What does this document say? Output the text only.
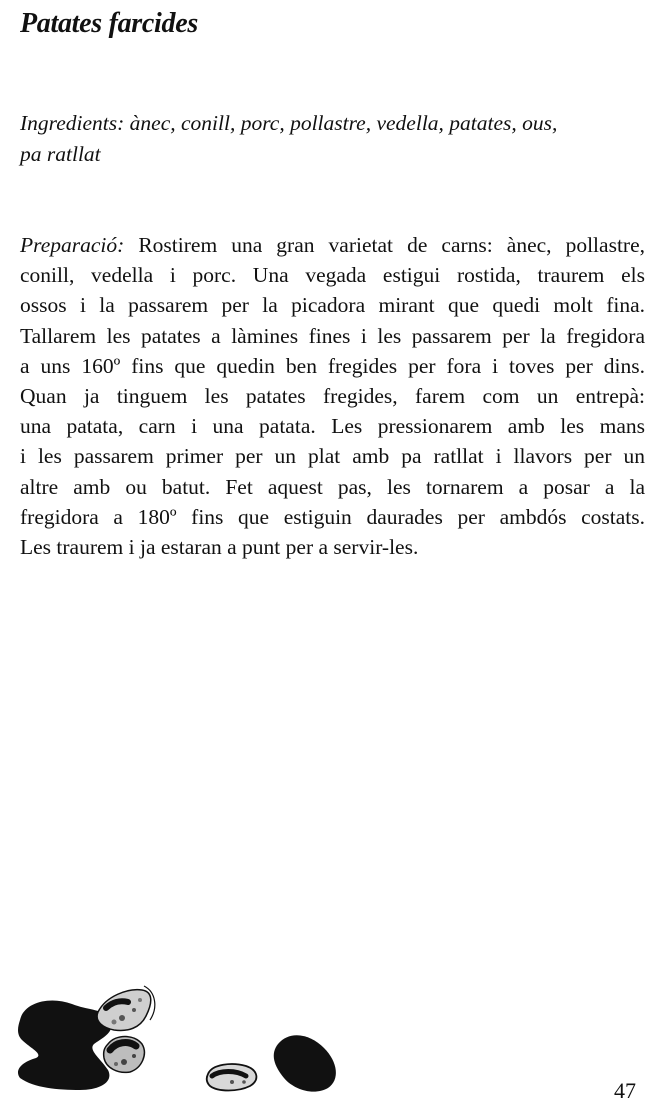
Patates farcides

Ingredients: ànec, conill, porc, pollastre, vedella, patates, ous,
pa ratllat

Preparació: Rostirem una gran varietat de carns: ànec, pollastre,
conill, vedella i porc. Una vegada estigui rostida, traurem els
ossos i la passarem per la picadora mirant que quedi molt fina.
Tallarem les patates a làmines fines i les passarem per la fregidora
a uns 160º fins que quedin ben fregides per fora i toves per dins.
Quan ja tinguem les patates fregides, farem com un entrepà:
una patata, carn i una patata. Les pressionarem amb les mans
i les passarem primer per un plat amb pa ratllat i llavors per un
altre amb ou batut. Fet aquest pas, les tornarem a posar a la
fregidora a 180º fins que estiguin daurades per ambdós costats.
Les traurem i ja estaran a punt per a servir-les.

47
